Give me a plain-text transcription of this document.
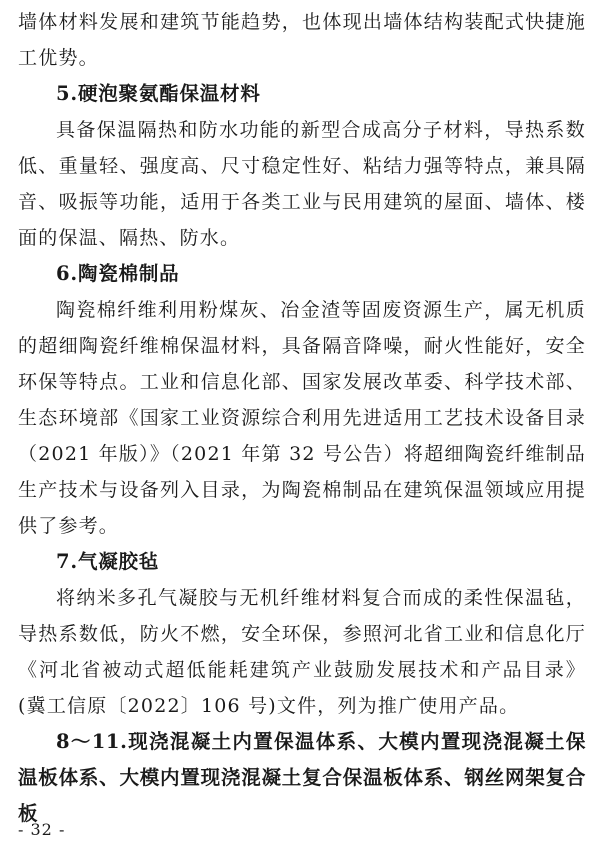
墙体材料发展和建筑节能趋势，也体现出墙体结构装配式快捷施工优势。

5.硬泡聚氨酯保温材料

具备保温隔热和防水功能的新型合成高分子材料，导热系数低、重量轻、强度高、尺寸稳定性好、粘结力强等特点，兼具隔音、吸振等功能，适用于各类工业与民用建筑的屋面、墙体、楼面的保温、隔热、防水。

6.陶瓷棉制品

陶瓷棉纤维利用粉煤灰、冶金渣等固废资源生产，属无机质的超细陶瓷纤维棉保温材料，具备隔音降噪，耐火性能好，安全环保等特点。工业和信息化部、国家发展改革委、科学技术部、生态环境部《国家工业资源综合利用先进适用工艺技术设备目录（2021 年版）》（2021 年第 32 号公告）将超细陶瓷纤维制品生产技术与设备列入目录，为陶瓷棉制品在建筑保温领域应用提供了参考。

7.气凝胶毡

将纳米多孔气凝胶与无机纤维材料复合而成的柔性保温毡，导热系数低，防火不燃，安全环保，参照河北省工业和信息化厅《河北省被动式超低能耗建筑产业鼓励发展技术和产品目录》(冀工信原〔2022〕106 号)文件，列为推广使用产品。

8～11.现浇混凝土内置保温体系、大模内置现浇混凝土保温板体系、大模内置现浇混凝土复合保温板体系、钢丝网架复合板

- 32 -
